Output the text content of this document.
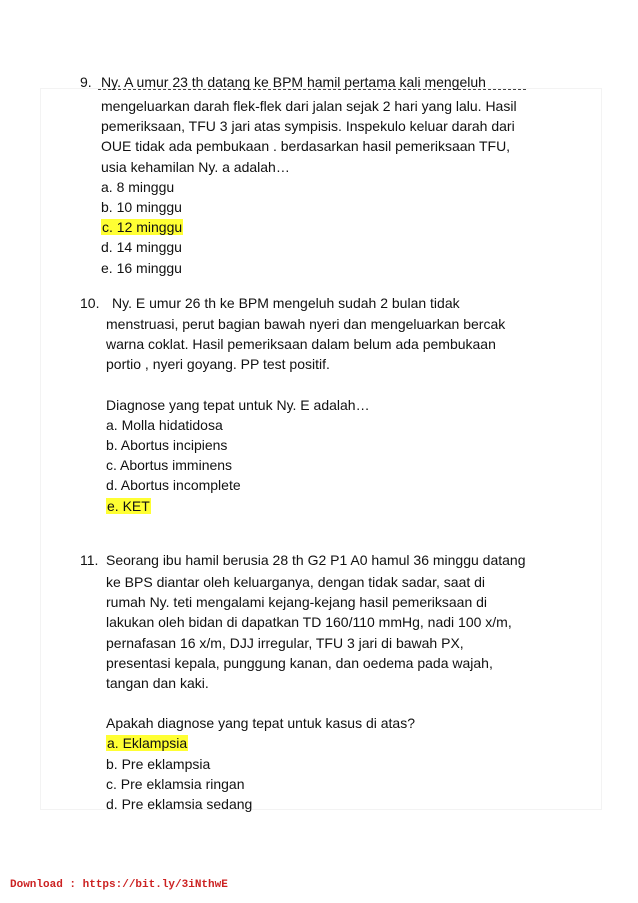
9. Ny. A umur 23 th datang ke BPM hamil pertama kali mengeluh
mengeluarkan darah flek-flek dari jalan sejak 2 hari yang lalu. Hasil
pemeriksaan, TFU 3 jari atas sympisis. Inspekulo keluar darah dari
OUE tidak ada pembukaan . berdasarkan hasil pemeriksaan TFU,
usia kehamilan Ny. a adalah…
a. 8 minggu
b. 10 minggu
c. 12 minggu
d. 14 minggu
e. 16 minggu
10. Ny. E umur 26 th ke BPM mengeluh sudah 2 bulan tidak
menstruasi, perut bagian bawah nyeri dan mengeluarkan bercak
warna coklat. Hasil pemeriksaan dalam belum ada pembukaan
portio , nyeri goyang. PP test positif.
Diagnose yang tepat untuk Ny. E adalah…
a. Molla hidatidosa
b. Abortus incipiens
c. Abortus imminens
d. Abortus incomplete
e. KET
11. Seorang ibu hamil berusia 28 th G2 P1 A0 hamul 36 minggu datang
ke BPS diantar oleh keluarganya, dengan tidak sadar, saat di
rumah Ny. teti mengalami kejang-kejang hasil pemeriksaan di
lakukan oleh bidan di dapatkan TD 160/110 mmHg, nadi 100 x/m,
pernafasan 16 x/m, DJJ irregular, TFU 3 jari di bawah PX,
presentasi kepala, punggung kanan, dan oedema pada wajah,
tangan dan kaki.
Apakah diagnose yang tepat untuk kasus di atas?
a. Eklampsia
b. Pre eklampsia
c. Pre eklamsia ringan
d. Pre eklamsia sedang
Download : https://bit.ly/3iNthwE
